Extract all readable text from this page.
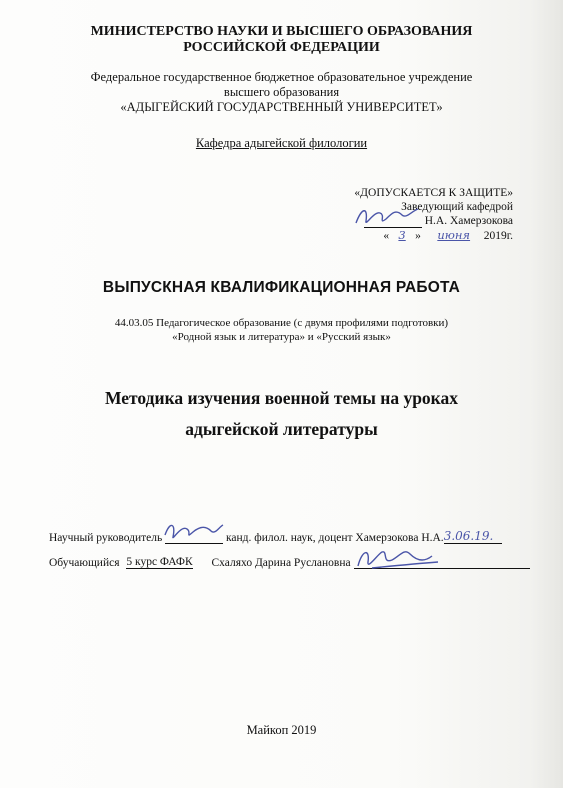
МИНИСТЕРСТВО НАУКИ И ВЫСШЕГО ОБРАЗОВАНИЯ
РОССИЙСКОЙ ФЕДЕРАЦИИ
Федеральное государственное бюджетное образовательное учреждение
высшего образования
«АДЫГЕЙСКИЙ ГОСУДАРСТВЕННЫЙ УНИВЕРСИТЕТ»
Кафедра адыгейской филологии
«ДОПУСКАЕТСЯ К ЗАЩИТЕ»
Заведующий кафедрой
Н.А. Хамерзокова
« 3 » июня 2019г.
ВЫПУСКНАЯ КВАЛИФИКАЦИОННАЯ РАБОТА
44.03.05 Педагогическое образование (с двумя профилями подготовки)
«Родной язык и литература» и «Русский язык»
Методика изучения военной темы на уроках
адыгейской литературы
Научный руководитель	канд. филол. наук, доцент Хамерзокова Н.А.3.06.19.
Обучающийся 5 курс ФАФК Схаляхо Дарина Руслановна
Майкоп 2019
